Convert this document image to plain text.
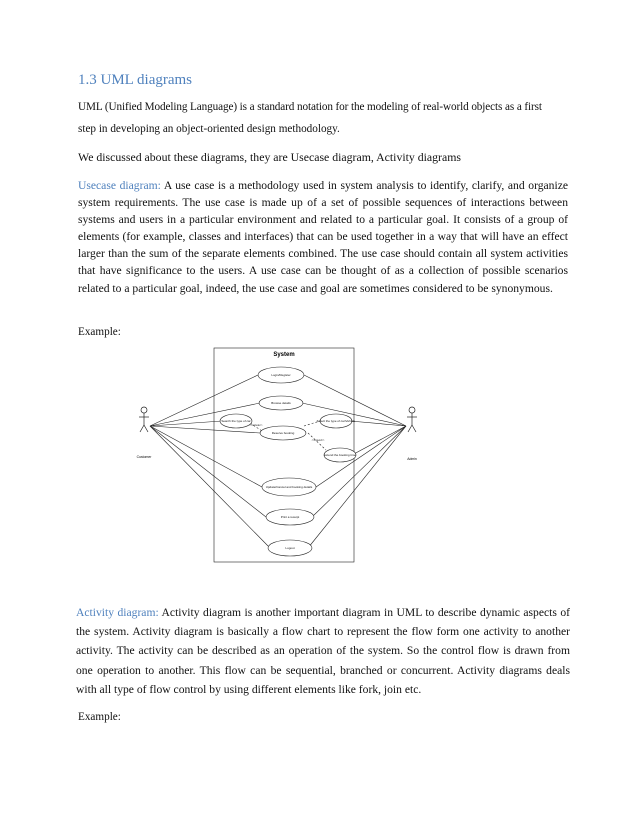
1.3 UML diagrams

UML (Unified Modeling Language) is a standard notation for the modeling of real-world objects as a first

step in developing an object-oriented design methodology.

We discussed about these diagrams, they are Usecase diagram, Activity diagrams

Usecase diagram: A use case is a methodology used in system analysis to identify, clarify, and organize system requirements. The use case is made up of a set of possible sequences of interactions between systems and users in a particular environment and related to a particular goal. It consists of a group of elements (for example, classes and interfaces) that can be used together in a way that will have an effect larger than the sum of the separate elements combined. The use case should contain all system activities that have significance to the users. A use case can be thought of as a collection of possible scenarios related to a particular goal, indeed, the use case and goal are sometimes considered to be synonymous.

Example:

System
Login/Register
Browse details
Search the type of car	Select the type of car/Vehicle
Reserve booking
Extend the booking time
Update/Cancel and booking details
Print a receipt
Logout
<<include>>
<<extend>>
Customer	Admin

Activity diagram: Activity diagram is another important diagram in UML to describe dynamic aspects of the system. Activity diagram is basically a flow chart to represent the flow form one activity to another activity. The activity can be described as an operation of the system. So the control flow is drawn from one operation to another. This flow can be sequential, branched or concurrent. Activity diagrams deals with all type of flow control by using different elements like fork, join etc.

Example:
